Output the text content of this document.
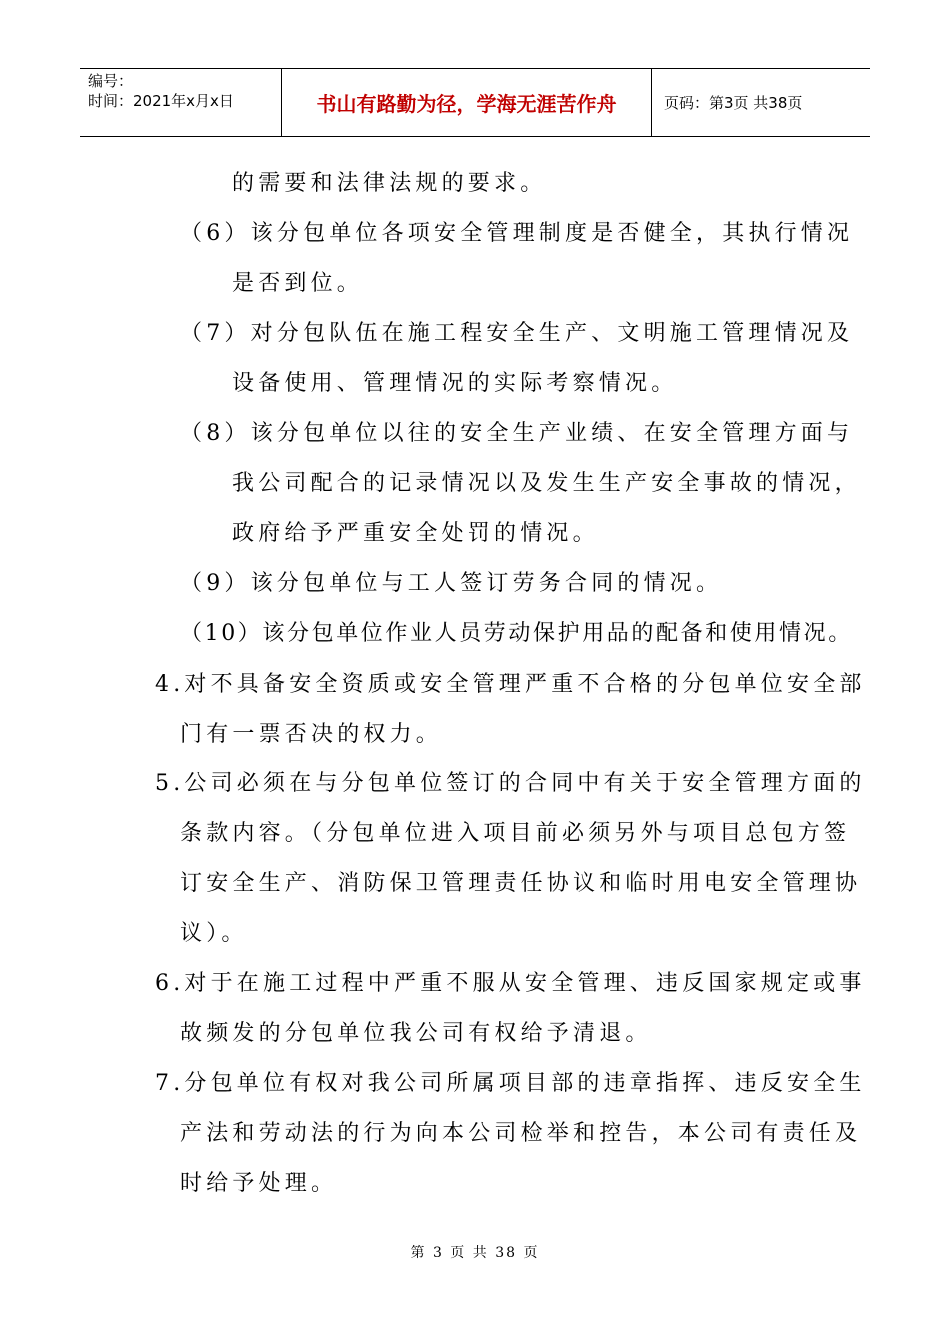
编号：
时间：2021年x月x日	书山有路勤为径，学海无涯苦作舟	页码：第3页 共38页
的需要和法律法规的要求。
（6）该分包单位各项安全管理制度是否健全，其执行情况
是否到位。
（7）对分包队伍在施工程安全生产、文明施工管理情况及
设备使用、管理情况的实际考察情况。
（8）该分包单位以往的安全生产业绩、在安全管理方面与
我公司配合的记录情况以及发生生产安全事故的情况，
政府给予严重安全处罚的情况。
（9）该分包单位与工人签订劳务合同的情况。
（10）该分包单位作业人员劳动保护用品的配备和使用情况。
4.对不具备安全资质或安全管理严重不合格的分包单位安全部
门有一票否决的权力。
5.公司必须在与分包单位签订的合同中有关于安全管理方面的
条款内容。（分包单位进入项目前必须另外与项目总包方签
订安全生产、消防保卫管理责任协议和临时用电安全管理协
议）。
6.对于在施工过程中严重不服从安全管理、违反国家规定或事
故频发的分包单位我公司有权给予清退。
7.分包单位有权对我公司所属项目部的违章指挥、违反安全生
产法和劳动法的行为向本公司检举和控告，本公司有责任及
时给予处理。
第 3 页 共 38 页
